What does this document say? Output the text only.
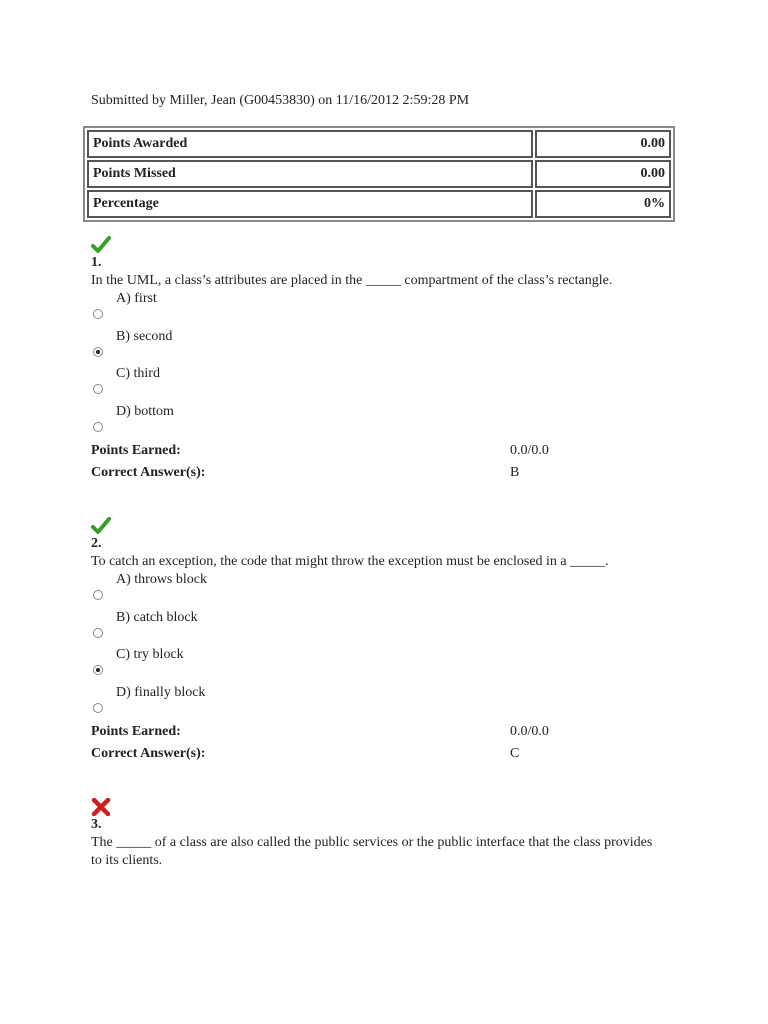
Submitted by Miller, Jean (G00453830) on 11/16/2012 2:59:28 PM
Points Awarded	0.00
Points Missed	0.00
Percentage	0%
1.
In the UML, a class’s attributes are placed in the _____ compartment of the class’s rectangle.
A) first
B) second
C) third
D) bottom
Points Earned:	0.0/0.0
Correct Answer(s):	B
2.
To catch an exception, the code that might throw the exception must be enclosed in a _____.
A) throws block
B) catch block
C) try block
D) finally block
Points Earned:	0.0/0.0
Correct Answer(s):	C
3.
The _____ of a class are also called the public services or the public interface that the class provides to its clients.
